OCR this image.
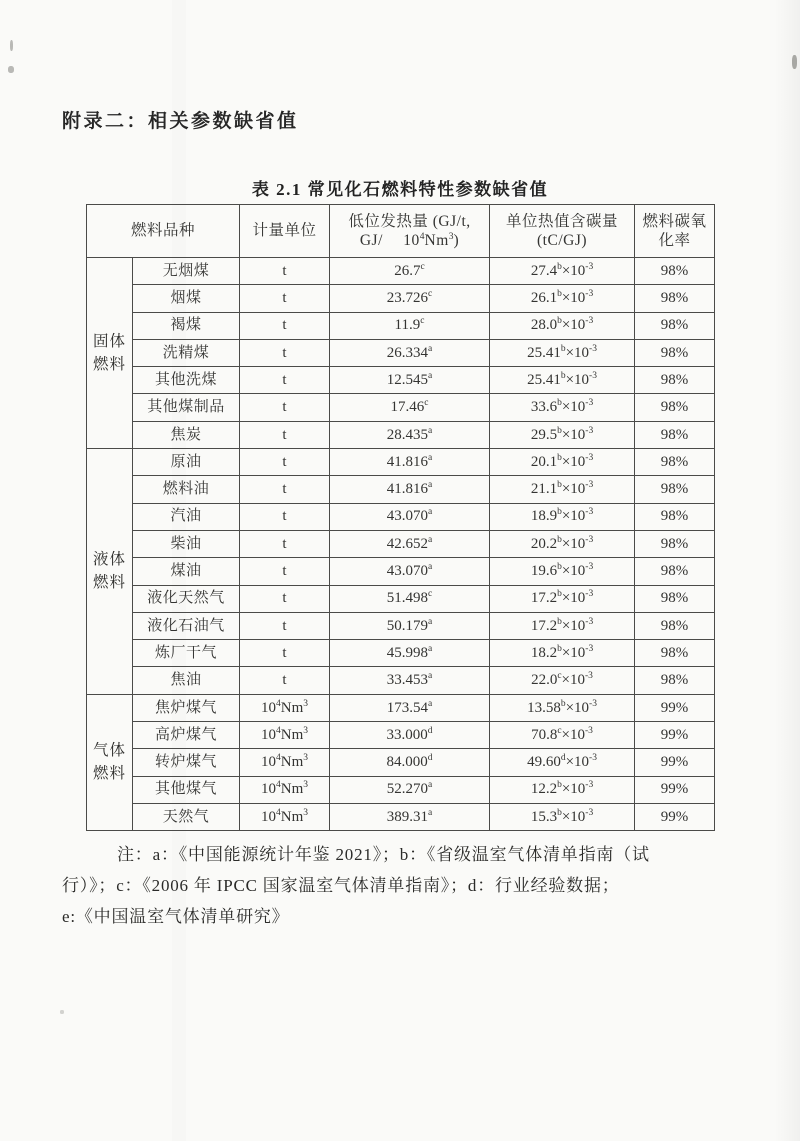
附录二：相关参数缺省值
表 2.1 常见化石燃料特性参数缺省值
燃料品种		计量单位	低位发热量 (GJ/t,
GJ/　 $10^4Nm^3$)	单位热值含碳量
(tC/GJ)	燃料碳氧
化率
固体
燃料	无烟煤	t	26.7$^c$	$27.4^b\times 10^{-3}$	98%
	烟煤	t	23.726$^c$	$26.1^b\times 10^{-3}$	98%
	褐煤	t	11.9$^c$	$28.0^b\times 10^{-3}$	98%
	洗精煤	t	26.334$^a$	$25.41^b\times 10^{-3}$	98%
	其他洗煤	t	12.545$^a$	$25.41^b\times 10^{-3}$	98%
	其他煤制品	t	17.46$^c$	$33.6^b\times 10^{-3}$	98%
	焦炭	t	28.435$^a$	$29.5^b\times 10^{-3}$	98%
液体
燃料	原油	t	41.816$^a$	$20.1^b\times 10^{-3}$	98%
	燃料油	t	41.816$^a$	$21.1^b\times 10^{-3}$	98%
	汽油	t	43.070$^a$	$18.9^b\times 10^{-3}$	98%
	柴油	t	42.652$^a$	$20.2^b\times 10^{-3}$	98%
	煤油	t	43.070$^a$	$19.6^b\times 10^{-3}$	98%
	液化天然气	t	51.498$^c$	$17.2^b\times 10^{-3}$	98%
	液化石油气	t	50.179$^a$	$17.2^b\times 10^{-3}$	98%
	炼厂干气	t	45.998$^a$	$18.2^b\times 10^{-3}$	98%
	焦油	t	33.453$^a$	$22.0^c\times 10^{-3}$	98%
气体
燃料	焦炉煤气	$10^4Nm^3$	173.54$^a$	$13.58^b\times 10^{-3}$	99%
	高炉煤气	$10^4Nm^3$	33.000$^d$	$70.8^c\times 10^{-3}$	99%
	转炉煤气	$10^4Nm^3$	84.000$^d$	$49.60^d\times 10^{-3}$	99%
	其他煤气	$10^4Nm^3$	52.270$^a$	$12.2^b\times 10^{-3}$	99%
	天然气	$10^4Nm^3$	389.31$^a$	$15.3^b\times 10^{-3}$	99%
注：a：《中国能源统计年鉴 2021》；b：《省级温室气体清单指南（试
行）》；c：《2006 年 IPCC 国家温室气体清单指南》；d：行业经验数据；
e:《中国温室气体清单研究》
